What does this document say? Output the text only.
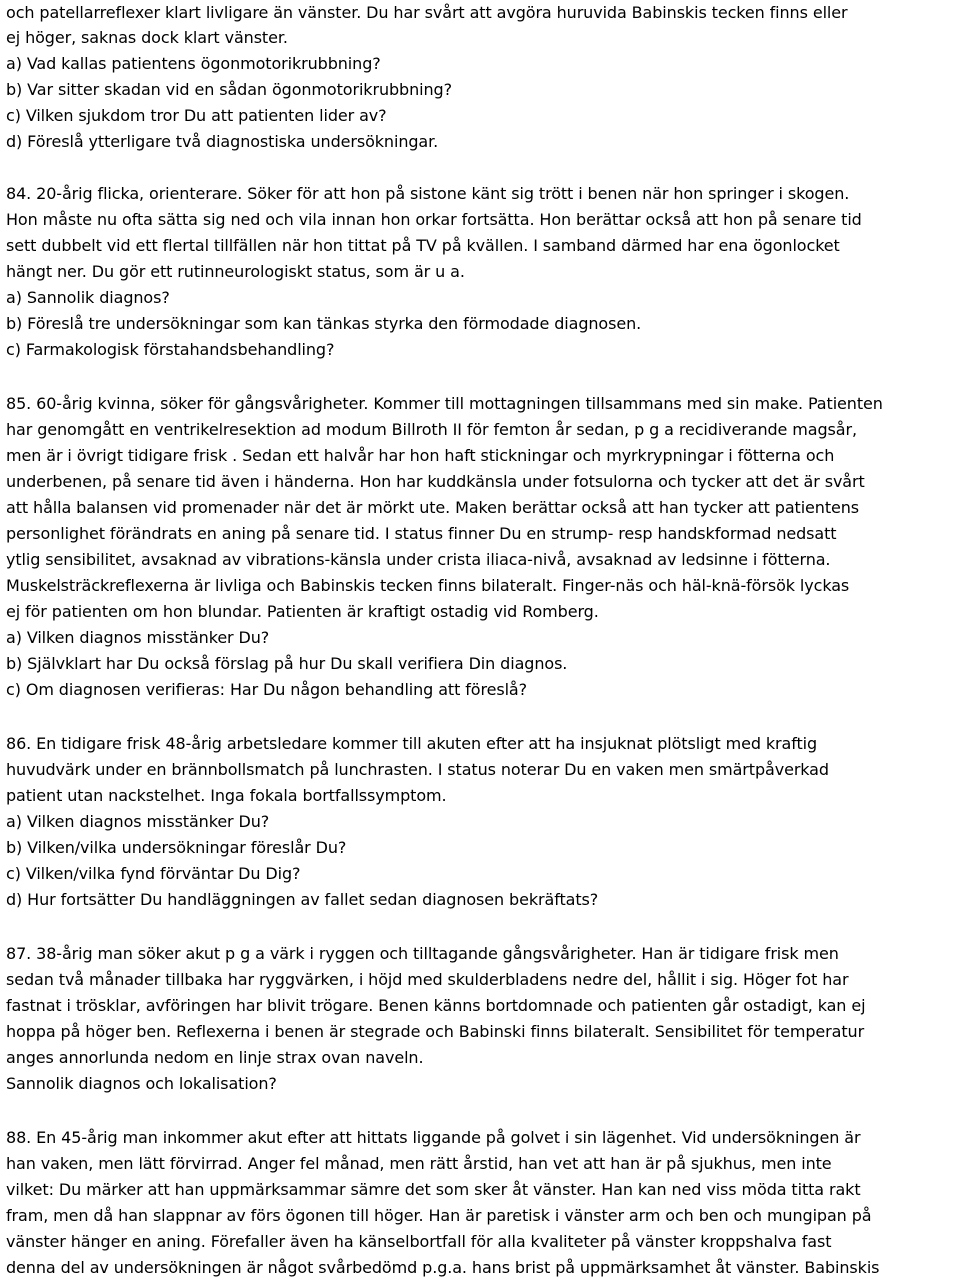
och patellarreflexer klart livligare än vänster. Du har svårt att avgöra huruvida Babinskis tecken finns eller
ej höger, saknas dock klart vänster.
a) Vad kallas patientens ögonmotorikrubbning?
b) Var sitter skadan vid en sådan ögonmotorikrubbning?
c) Vilken sjukdom tror Du att patienten lider av?
d) Föreslå ytterligare två diagnostiska undersökningar.
84. 20-årig flicka, orienterare. Söker för att hon på sistone känt sig trött i benen när hon springer i skogen.
Hon måste nu ofta sätta sig ned och vila innan hon orkar fortsätta. Hon berättar också att hon på senare tid
sett dubbelt vid ett flertal tillfällen när hon tittat på TV på kvällen. I samband därmed har ena ögonlocket
hängt ner. Du gör ett rutinneurologiskt status, som är u a.
a) Sannolik diagnos?
b) Föreslå tre undersökningar som kan tänkas styrka den förmodade diagnosen.
c) Farmakologisk förstahandsbehandling?
85. 60-årig kvinna, söker för gångsvårigheter. Kommer till mottagningen tillsammans med sin make. Patienten
har genomgått en ventrikelresektion ad modum Billroth II för femton år sedan, p g a recidiverande magsår,
men är i övrigt tidigare frisk . Sedan ett halvår har hon haft stickningar och myrkrypningar i fötterna och
underbenen, på senare tid även i händerna. Hon har kuddkänsla under fotsulorna och tycker att det är svårt
att hålla balansen vid promenader när det är mörkt ute. Maken berättar också att han tycker att patientens
personlighet förändrats en aning på senare tid. I status finner Du en strump- resp handskformad nedsatt
ytlig sensibilitet, avsaknad av vibrations-känsla under crista iliaca-nivå, avsaknad av ledsinne i fötterna.
Muskelsträckreflexerna är livliga och Babinskis tecken finns bilateralt. Finger-näs och häl-knä-försök lyckas
ej för patienten om hon blundar. Patienten är kraftigt ostadig vid Romberg.
a) Vilken diagnos misstänker Du?
b) Självklart har Du också förslag på hur Du skall verifiera Din diagnos.
c) Om diagnosen verifieras: Har Du någon behandling att föreslå?
86. En tidigare frisk 48-årig arbetsledare kommer till akuten efter att ha insjuknat plötsligt med kraftig
huvudvärk under en brännbollsmatch på lunchrasten. I status noterar Du en vaken men smärtpåverkad
patient utan nackstelhet. Inga fokala bortfallssymptom.
a) Vilken diagnos misstänker Du?
b) Vilken/vilka undersökningar föreslår Du?
c) Vilken/vilka fynd förväntar Du Dig?
d) Hur fortsätter Du handläggningen av fallet sedan diagnosen bekräftats?
87. 38-årig man söker akut p g a värk i ryggen och tilltagande gångsvårigheter. Han är tidigare frisk men
sedan två månader tillbaka har ryggvärken, i höjd med skulderbladens nedre del, hållit i sig. Höger fot har
fastnat i trösklar, avföringen har blivit trögare. Benen känns bortdomnade och patienten går ostadigt, kan ej
hoppa på höger ben. Reflexerna i benen är stegrade och Babinski finns bilateralt. Sensibilitet för temperatur
anges annorlunda nedom en linje strax ovan naveln.
Sannolik diagnos och lokalisation?
88. En 45-årig man inkommer akut efter att hittats liggande på golvet i sin lägenhet. Vid undersökningen är
han vaken, men lätt förvirrad. Anger fel månad, men rätt årstid, han vet att han är på sjukhus, men inte
vilket: Du märker att han uppmärksammar sämre det som sker åt vänster. Han kan ned viss möda titta rakt
fram, men då han slappnar av förs ögonen till höger. Han är paretisk i vänster arm och ben och mungipan på
vänster hänger en aning. Förefaller även ha känselbortfall för alla kvaliteter på vänster kroppshalva fast
denna del av undersökningen är något svårbedömd p.g.a. hans brist på uppmärksamhet åt vänster. Babinskis
